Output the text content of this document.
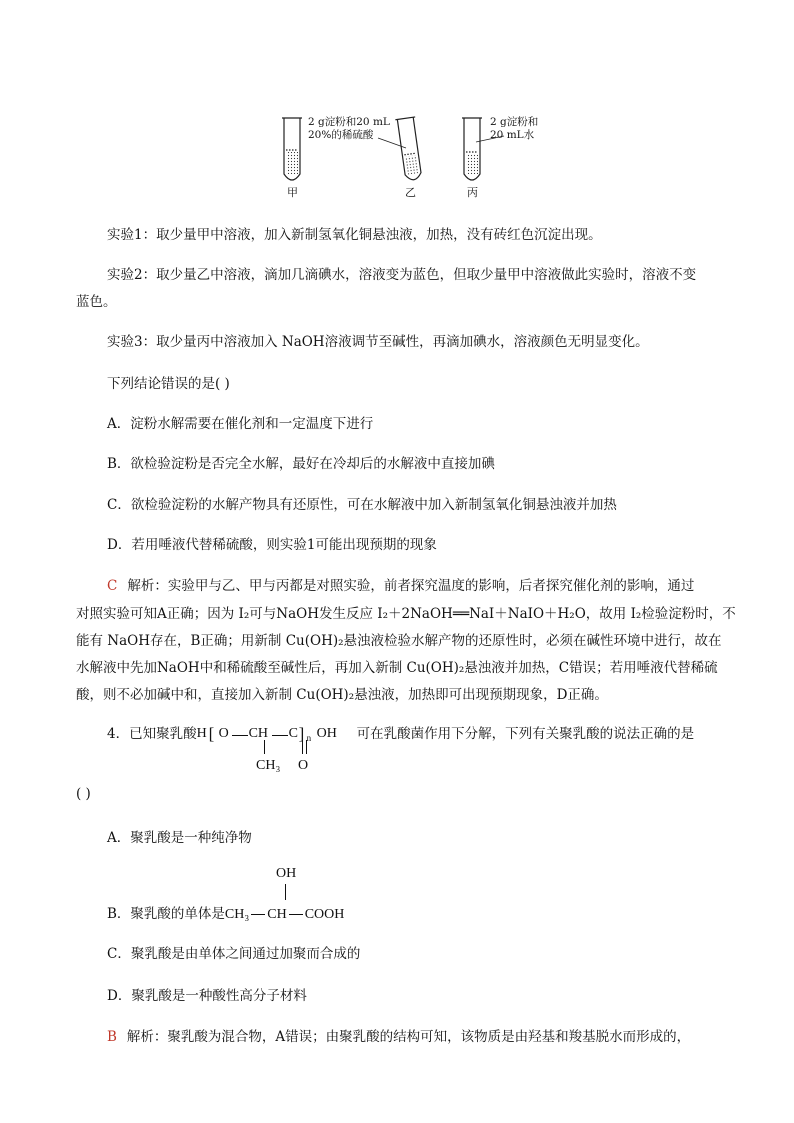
2 g淀粉和20 mL
20%的稀硫酸
2 g淀粉和
20 mL水
甲	乙	丙
实验1：取少量甲中溶液，加入新制氢氧化铜悬浊液，加热，没有砖红色沉淀出现。
实验2：取少量乙中溶液，滴加几滴碘水，溶液变为蓝色，但取少量甲中溶液做此实验时，溶液不变
蓝色。
实验3：取少量丙中溶液加入 NaOH溶液调节至碱性，再滴加碘水，溶液颜色无明显变化。
下列结论错误的是( )
A．淀粉水解需要在催化剂和一定温度下进行
B．欲检验淀粉是否完全水解，最好在冷却后的水解液中直接加碘
C．欲检验淀粉的水解产物具有还原性，可在水解液中加入新制氢氧化铜悬浊液并加热
D．若用唾液代替稀硫酸，则实验1可能出现预期的现象
C 解析：实验甲与乙、甲与丙都是对照实验，前者探究温度的影响，后者探究催化剂的影响，通过
对照实验可知A正确；因为 I₂可与NaOH发生反应 I₂＋2NaOH══NaI＋NaIO＋H₂O，故用 I₂检验淀粉时，不
能有 NaOH存在，B正确；用新制 Cu(OH)₂悬浊液检验水解产物的还原性时，必须在碱性环境中进行，故在
水解液中先加NaOH中和稀硫酸至碱性后，再加入新制 Cu(OH)₂悬浊液并加热，C错误；若用唾液代替稀硫
酸，则不必加碱中和，直接加入新制 Cu(OH)₂悬浊液，加热即可出现预期现象，D正确。
4．已知聚乳酸 H [ O CH C ] n OH 可在乳酸菌作用下分解，下列有关聚乳酸的说法正确的是
CH₃ O
( )
A．聚乳酸是一种纯净物
OH
B．聚乳酸的单体是CH₃ CH COOH
C．聚乳酸是由单体之间通过加聚而合成的
D．聚乳酸是一种酸性高分子材料
B 解析：聚乳酸为混合物，A错误；由聚乳酸的结构可知，该物质是由羟基和羧基脱水而形成的，
